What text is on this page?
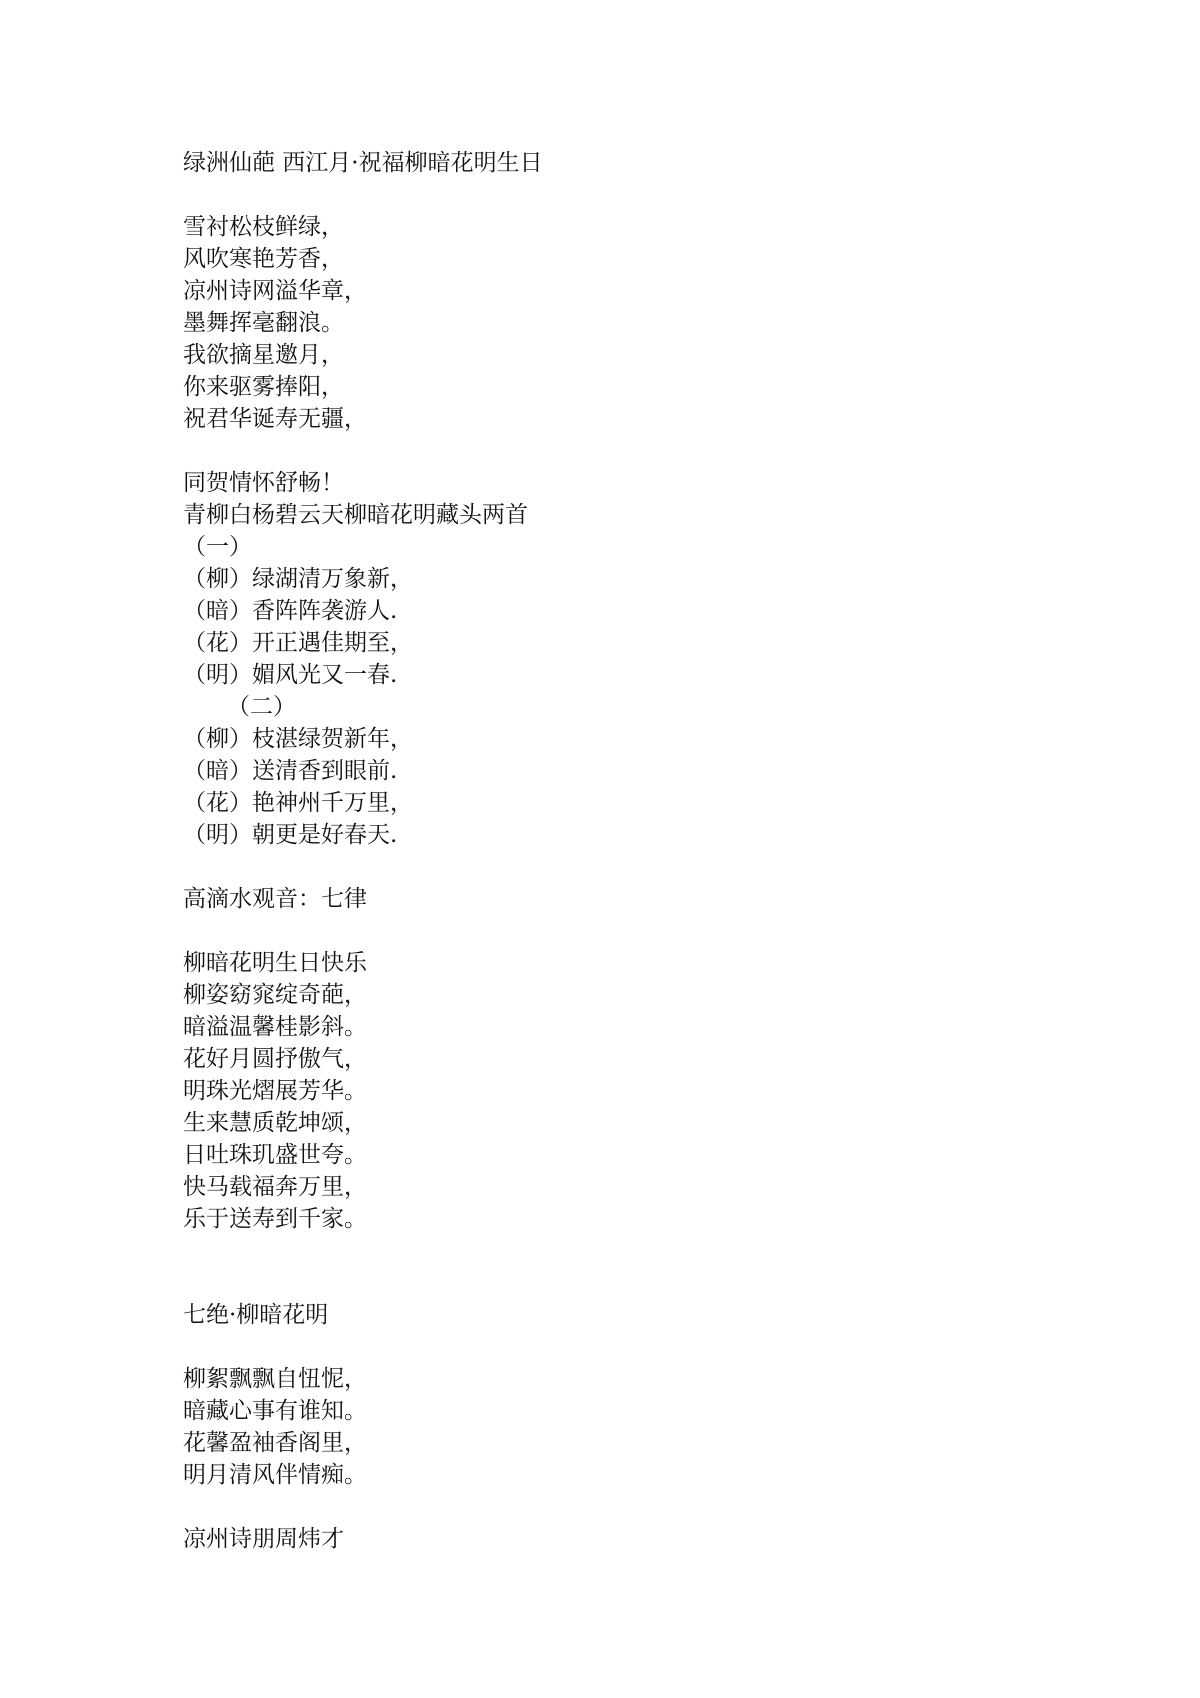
绿洲仙葩 西江月·祝福柳暗花明生日

雪衬松枝鲜绿，

风吹寒艳芳香，

凉州诗网溢华章，

墨舞挥毫翻浪。

我欲摘星邀月，

你来驱雾捧阳，

祝君华诞寿无疆，

同贺情怀舒畅！

青柳白杨碧云天柳暗花明藏头两首

（一）

（柳）绿湖清万象新，

（暗）香阵阵袭游人.

（花）开正遇佳期至，

（明）媚风光又一春.

（二）

（柳）枝湛绿贺新年，

（暗）送清香到眼前.

（花）艳神州千万里，

（明）朝更是好春天.

高滴水观音：七律

柳暗花明生日快乐

柳姿窈窕绽奇葩，

暗溢温馨桂影斜。

花好月圆抒傲气，

明珠光熠展芳华。

生来慧质乾坤颂，

日吐珠玑盛世夸。

快马载福奔万里，

乐于送寿到千家。

七绝·柳暗花明

柳絮飘飘自忸怩，

暗藏心事有谁知。

花馨盈袖香阁里，

明月清风伴情痴。

凉州诗朋周炜才
